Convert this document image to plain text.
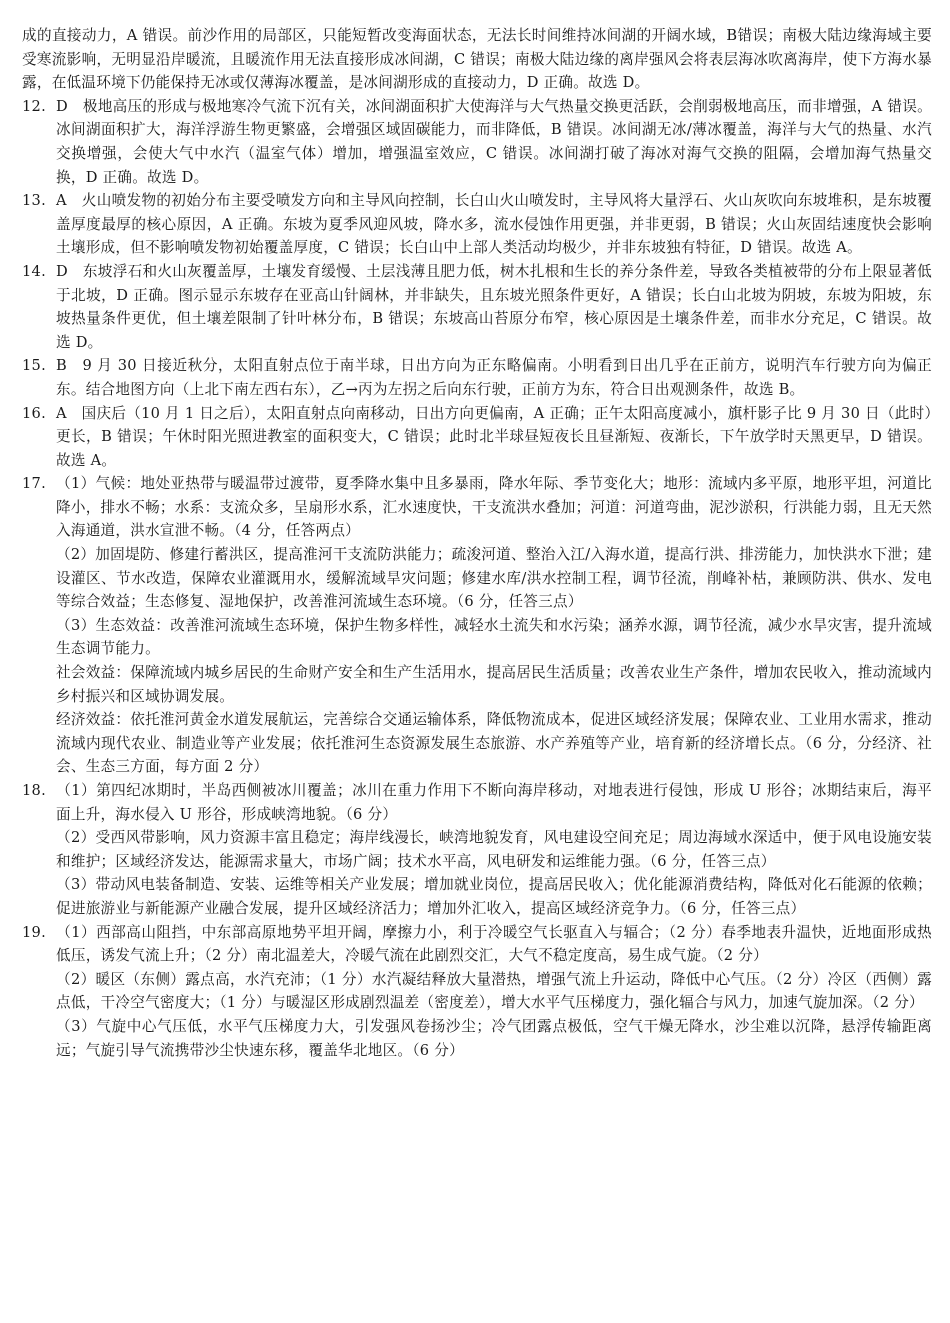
成的直接动力，A 错误。前沙作用的局部区，只能短暂改变海面状态，无法长时间维持冰间湖的开阔水域，B错误；南极大陆边缘海域主要受寒流影响，无明显沿岸暖流，且暖流作用无法直接形成冰间湖，C 错误；南极大陆边缘的离岸强风会将表层海冰吹离海岸，使下方海水暴露，在低温环境下仍能保持无冰或仅薄海冰覆盖，是冰间湖形成的直接动力，D 正确。故选 D。

12. D　极地高压的形成与极地寒冷气流下沉有关，冰间湖面积扩大使海洋与大气热量交换更活跃，会削弱极地高压，而非增强，A 错误。冰间湖面积扩大，海洋浮游生物更繁盛，会增强区域固碳能力，而非降低，B 错误。冰间湖无冰/薄冰覆盖，海洋与大气的热量、水汽交换增强，会使大气中水汽（温室气体）增加，增强温室效应，C 错误。冰间湖打破了海冰对海气交换的阻隔，会增加海气热量交换，D 正确。故选 D。

13. A　火山喷发物的初始分布主要受喷发方向和主导风向控制，长白山火山喷发时，主导风将大量浮石、火山灰吹向东坡堆积，是东坡覆盖厚度最厚的核心原因，A 正确。东坡为夏季风迎风坡，降水多，流水侵蚀作用更强，并非更弱，B 错误；火山灰固结速度快会影响土壤形成，但不影响喷发物初始覆盖厚度，C 错误；长白山中上部人类活动均极少，并非东坡独有特征，D 错误。故选 A。

14. D　东坡浮石和火山灰覆盖厚，土壤发育缓慢、土层浅薄且肥力低，树木扎根和生长的养分条件差，导致各类植被带的分布上限显著低于北坡，D 正确。图示显示东坡存在亚高山针阔林，并非缺失，且东坡光照条件更好，A 错误；长白山北坡为阴坡，东坡为阳坡，东坡热量条件更优，但土壤差限制了针叶林分布，B 错误；东坡高山苔原分布窄，核心原因是土壤条件差，而非水分充足，C 错误。故选 D。

15. B　9 月 30 日接近秋分，太阳直射点位于南半球，日出方向为正东略偏南。小明看到日出几乎在正前方，说明汽车行驶方向为偏正东。结合地图方向（上北下南左西右东），乙→丙为左拐之后向东行驶，正前方为东，符合日出观测条件，故选 B。

16. A　国庆后（10 月 1 日之后），太阳直射点向南移动，日出方向更偏南，A 正确；正午太阳高度减小，旗杆影子比 9 月 30 日（此时）更长，B 错误；午休时阳光照进教室的面积变大，C 错误；此时北半球昼短夜长且昼渐短、夜渐长，下午放学时天黑更早，D 错误。故选 A。

17. （1）气候：地处亚热带与暖温带过渡带，夏季降水集中且多暴雨，降水年际、季节变化大；地形：流域内多平原，地形平坦，河道比降小，排水不畅；水系：支流众多，呈扇形水系，汇水速度快，干支流洪水叠加；河道：河道弯曲，泥沙淤积，行洪能力弱，且无天然入海通道，洪水宣泄不畅。（4 分，任答两点）

（2）加固堤防、修建行蓄洪区，提高淮河干支流防洪能力；疏浚河道、整治入江/入海水道，提高行洪、排涝能力，加快洪水下泄；建设灌区、节水改造，保障农业灌溉用水，缓解流域旱灾问题；修建水库/洪水控制工程，调节径流，削峰补枯，兼顾防洪、供水、发电等综合效益；生态修复、湿地保护，改善淮河流域生态环境。（6 分，任答三点）

（3）生态效益：改善淮河流域生态环境，保护生物多样性，减轻水土流失和水污染；涵养水源，调节径流，减少水旱灾害，提升流域生态调节能力。

社会效益：保障流域内城乡居民的生命财产安全和生产生活用水，提高居民生活质量；改善农业生产条件，增加农民收入，推动流域内乡村振兴和区域协调发展。

经济效益：依托淮河黄金水道发展航运，完善综合交通运输体系，降低物流成本，促进区域经济发展；保障农业、工业用水需求，推动流域内现代农业、制造业等产业发展；依托淮河生态资源发展生态旅游、水产养殖等产业，培育新的经济增长点。（6 分，分经济、社会、生态三方面，每方面 2 分）

18. （1）第四纪冰期时，半岛西侧被冰川覆盖；冰川在重力作用下不断向海岸移动，对地表进行侵蚀，形成 U 形谷；冰期结束后，海平面上升，海水侵入 U 形谷，形成峡湾地貌。（6 分）

（2）受西风带影响，风力资源丰富且稳定；海岸线漫长，峡湾地貌发育，风电建设空间充足；周边海域水深适中，便于风电设施安装和维护；区域经济发达，能源需求量大，市场广阔；技术水平高，风电研发和运维能力强。（6 分，任答三点）

（3）带动风电装备制造、安装、运维等相关产业发展；增加就业岗位，提高居民收入；优化能源消费结构，降低对化石能源的依赖；促进旅游业与新能源产业融合发展，提升区域经济活力；增加外汇收入，提高区域经济竞争力。（6 分，任答三点）

19. （1）西部高山阻挡，中东部高原地势平坦开阔，摩擦力小，利于冷暖空气长驱直入与辐合；（2 分）春季地表升温快，近地面形成热低压，诱发气流上升；（2 分）南北温差大，冷暖气流在此剧烈交汇，大气不稳定度高，易生成气旋。（2 分）

（2）暖区（东侧）露点高，水汽充沛；（1 分）水汽凝结释放大量潜热，增强气流上升运动，降低中心气压。（2 分）冷区（西侧）露点低，干冷空气密度大；（1 分）与暖湿区形成剧烈温差（密度差），增大水平气压梯度力，强化辐合与风力，加速气旋加深。（2 分）

（3）气旋中心气压低，水平气压梯度力大，引发强风卷扬沙尘；冷气团露点极低，空气干燥无降水，沙尘难以沉降，悬浮传输距离远；气旋引导气流携带沙尘快速东移，覆盖华北地区。（6 分）
